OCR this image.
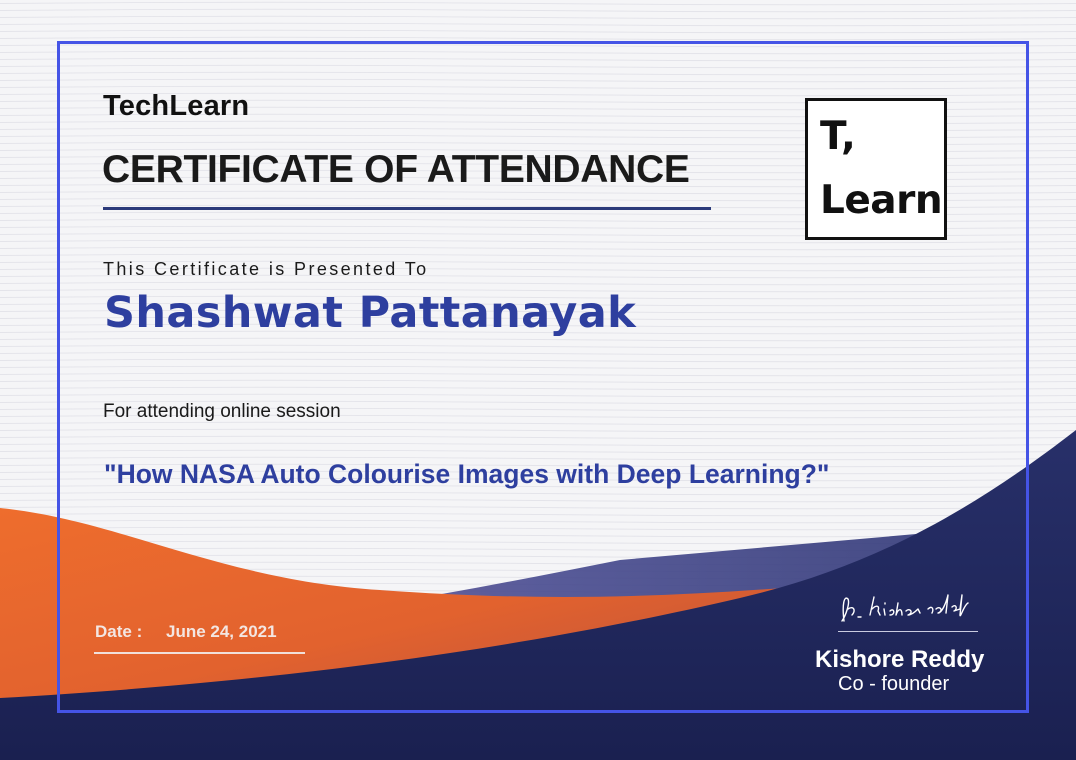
TechLearn
CERTIFICATE OF ATTENDANCE
T,
Learn

This Certificate is Presented To

Shashwat Pattanayak

For attending online session

"How NASA Auto Colourise Images with Deep Learning?"

Date : June 24, 2021
Kishore Reddy
Co - founder
